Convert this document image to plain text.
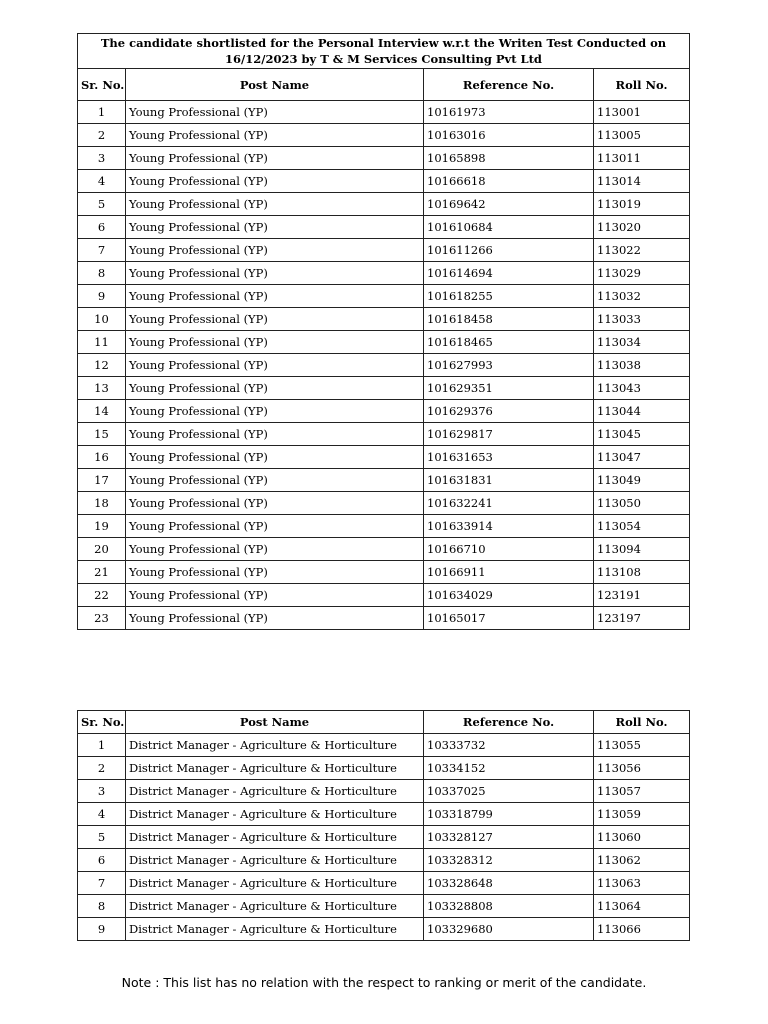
The candidate shortlisted for the Personal Interview w.r.t the Writen Test Conducted on 16/12/2023 by T & M Services Consulting Pvt Ltd			
Sr. No.	Post Name	Reference No.	Roll No.
1	Young Professional (YP)	10161973	113001
2	Young Professional (YP)	10163016	113005
3	Young Professional (YP)	10165898	113011
4	Young Professional (YP)	10166618	113014
5	Young Professional (YP)	10169642	113019
6	Young Professional (YP)	101610684	113020
7	Young Professional (YP)	101611266	113022
8	Young Professional (YP)	101614694	113029
9	Young Professional (YP)	101618255	113032
10	Young Professional (YP)	101618458	113033
11	Young Professional (YP)	101618465	113034
12	Young Professional (YP)	101627993	113038
13	Young Professional (YP)	101629351	113043
14	Young Professional (YP)	101629376	113044
15	Young Professional (YP)	101629817	113045
16	Young Professional (YP)	101631653	113047
17	Young Professional (YP)	101631831	113049
18	Young Professional (YP)	101632241	113050
19	Young Professional (YP)	101633914	113054
20	Young Professional (YP)	10166710	113094
21	Young Professional (YP)	10166911	113108
22	Young Professional (YP)	101634029	123191
23	Young Professional (YP)	10165017	123197
Sr. No.	Post Name	Reference No.	Roll No.
1	District Manager - Agriculture & Horticulture	10333732	113055
2	District Manager - Agriculture & Horticulture	10334152	113056
3	District Manager - Agriculture & Horticulture	10337025	113057
4	District Manager - Agriculture & Horticulture	103318799	113059
5	District Manager - Agriculture & Horticulture	103328127	113060
6	District Manager - Agriculture & Horticulture	103328312	113062
7	District Manager - Agriculture & Horticulture	103328648	113063
8	District Manager - Agriculture & Horticulture	103328808	113064
9	District Manager - Agriculture & Horticulture	103329680	113066
Note : This list has no relation with the respect to ranking or merit of the candidate.
